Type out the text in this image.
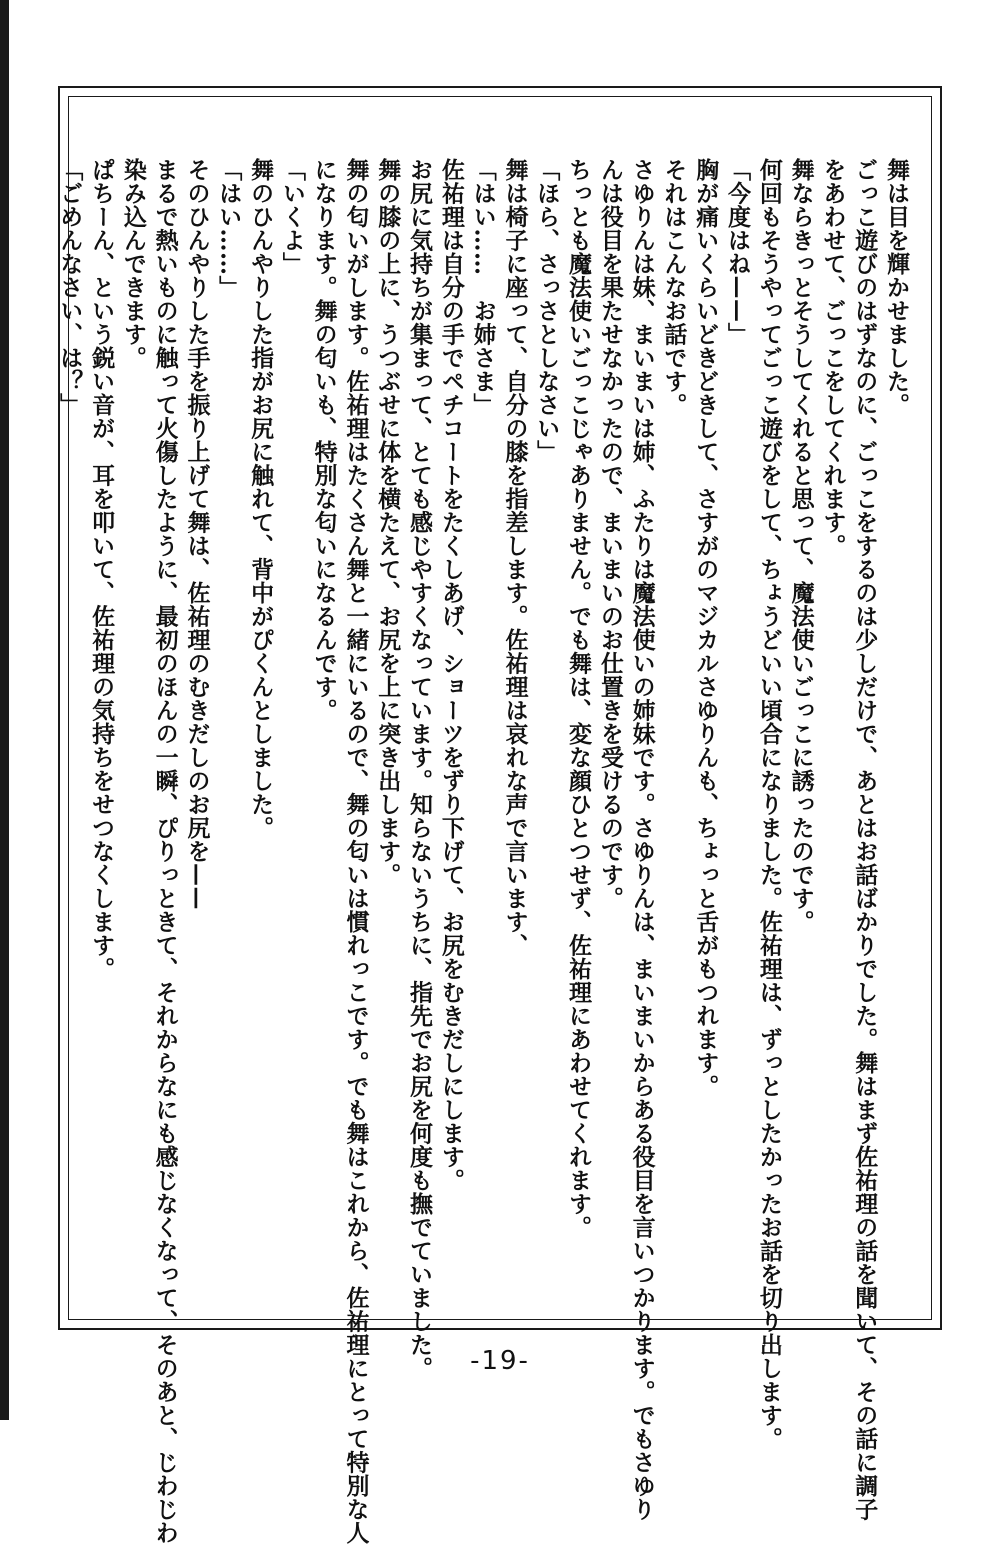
舞は目を輝かせました。
ごっこ遊びのはずなのに、ごっこをするのは少しだけで、あとはお話ばかりでした。舞はまず佐祐理の話を聞いて、その話に調子
をあわせて、ごっこをしてくれます。
舞ならきっとそうしてくれると思って、魔法使いごっこに誘ったのです。
何回もそうやってごっこ遊びをして、ちょうどいい頃合になりました。佐祐理は、ずっとしたかったお話を切り出します。
「今度はね——」
胸が痛いくらいどきどきして、さすがのマジカルさゆりんも、ちょっと舌がもつれます。
それはこんなお話です。
さゆりんは妹、まいまいは姉、ふたりは魔法使いの姉妹です。さゆりんは、まいまいからある役目を言いつかります。でもさゆり
んは役目を果たせなかったので、まいまいのお仕置きを受けるのです。
ちっとも魔法使いごっこじゃありません。でも舞は、変な顔ひとつせず、佐祐理にあわせてくれます。
「ほら、さっさとしなさい」
舞は椅子に座って、自分の膝を指差します。佐祐理は哀れな声で言います、
「はい……　お姉さま」
佐祐理は自分の手でペチコートをたくしあげ、ショーツをずり下げて、お尻をむきだしにします。
お尻に気持ちが集まって、とても感じやすくなっています。知らないうちに、指先でお尻を何度も撫でていました。
舞の膝の上に、うつぶせに体を横たえて、お尻を上に突き出します。
舞の匂いがします。佐祐理はたくさん舞と一緒にいるので、舞の匂いは慣れっこです。でも舞はこれから、佐祐理にとって特別な人
になります。舞の匂いも、特別な匂いになるんです。
「いくよ」
舞のひんやりした指がお尻に触れて、背中がぴくんとしました。
「はい……」
そのひんやりした手を振り上げて舞は、佐祐理のむきだしのお尻を——
まるで熱いものに触って火傷したように、最初のほんの一瞬、ぴりっときて、それからなにも感じなくなって、そのあと、じわじわ
染み込んできます。
ぱちーん、という鋭い音が、耳を叩いて、佐祐理の気持ちをせつなくします。
「ごめんなさい、は？」
-19-
